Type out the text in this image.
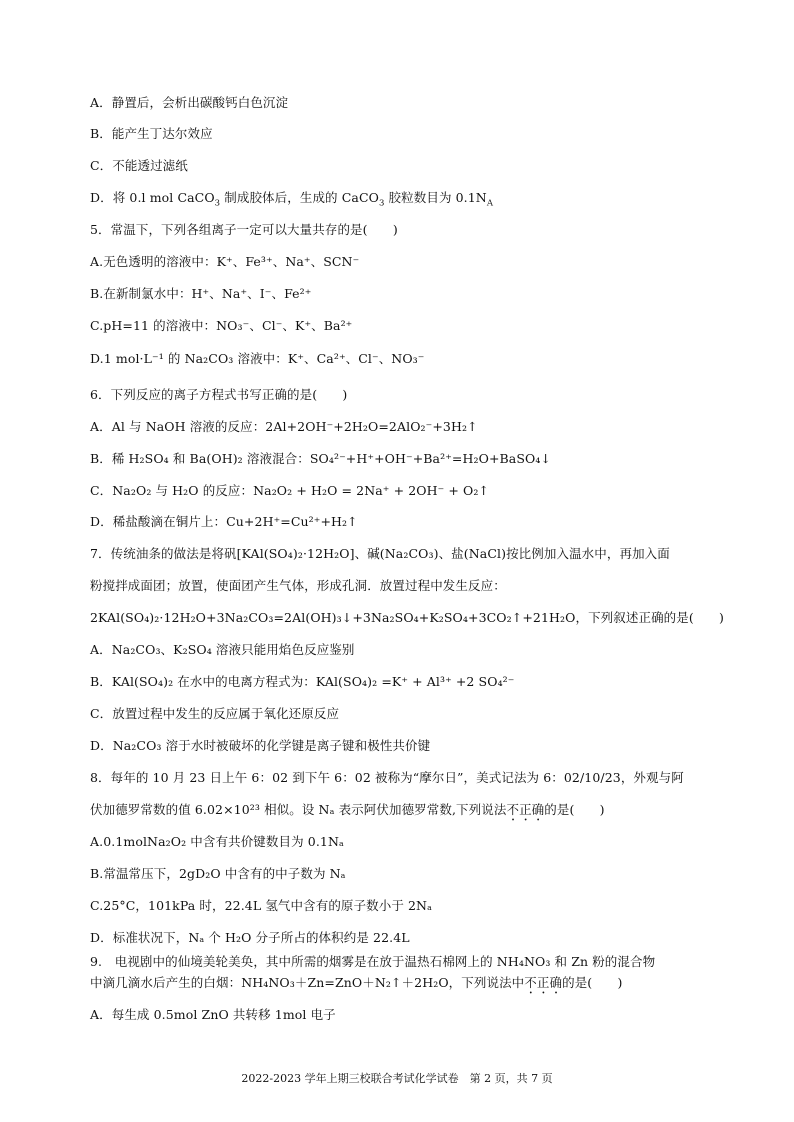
A．静置后，会析出碳酸钙白色沉淀
B．能产生丁达尔效应
C．不能透过滤纸
D．将 0.l mol CaCO$_3$ 制成胶体后，生成的 CaCO$_3$ 胶粒数目为 $0.1N_A$
5．常温下，下列各组离子一定可以大量共存的是(　　)
A.无色透明的溶液中：K⁺、Fe³⁺、Na⁺、SCN⁻
B.在新制氯水中：H⁺、Na⁺、I⁻、Fe²⁺
C.pH=11 的溶液中：NO₃⁻、Cl⁻、K⁺、Ba²⁺
D.1 mol·L⁻¹ 的 Na₂CO₃ 溶液中：K⁺、Ca²⁺、Cl⁻、NO₃⁻
6．下列反应的离子方程式书写正确的是(　　)
A．Al 与 NaOH 溶液的反应：2Al+2OH⁻+2H₂O=2AlO₂⁻+3H₂↑
B．稀 H₂SO₄ 和 Ba(OH)₂ 溶液混合：SO₄²⁻+H⁺+OH⁻+Ba²⁺=H₂O+BaSO₄↓
C．Na₂O₂ 与 H₂O 的反应：Na₂O₂ + H₂O = 2Na⁺ + 2OH⁻ + O₂↑
D．稀盐酸滴在铜片上：Cu+2H⁺=Cu²⁺+H₂↑
7．传统油条的做法是将矾[KAl(SO₄)₂·12H₂O]、碱(Na₂CO₃)、盐(NaCl)按比例加入温水中，再加入面
粉搅拌成面团；放置，使面团产生气体，形成孔洞．放置过程中发生反应：
2KAl(SO₄)₂·12H₂O+3Na₂CO₃=2Al(OH)₃↓+3Na₂SO₄+K₂SO₄+3CO₂↑+21H₂O，下列叙述正确的是(　　)
A．Na₂CO₃、K₂SO₄ 溶液只能用焰色反应鉴别
B．KAl(SO₄)₂ 在水中的电离方程式为：KAl(SO₄)₂ =K⁺ + Al³⁺ +2 SO₄²⁻
C．放置过程中发生的反应属于氧化还原反应
D．Na₂CO₃ 溶于水时被破坏的化学键是离子键和极性共价键
8．每年的 10 月 23 日上午 6：02 到下午 6：02 被称为“摩尔日”，美式记法为 6：02/10/23，外观与阿
伏加德罗常数的值 6.02×10²³ 相似。设 Nₐ 表示阿伏加德罗常数,下列说法不正确的是(　　)
A.0.1molNa₂O₂ 中含有共价键数目为 0.1Nₐ
B.常温常压下，2gD₂O 中含有的中子数为 Nₐ
C.25°C，101kPa 时，22.4L 氢气中含有的原子数小于 2Nₐ
D．标准状况下，Nₐ 个 H₂O 分子所占的体积约是 22.4L
9.　电视剧中的仙境美轮美奂，其中所需的烟雾是在放于温热石棉网上的 NH₄NO₃ 和 Zn 粉的混合物
中滴几滴水后产生的白烟：NH₄NO₃＋Zn=ZnO＋N₂↑＋2H₂O，下列说法中不正确的是(　　)
A．每生成 0.5mol ZnO 共转移 1mol 电子
2022-2023 学年上期三校联合考试化学试卷　第 2 页，共 7 页
